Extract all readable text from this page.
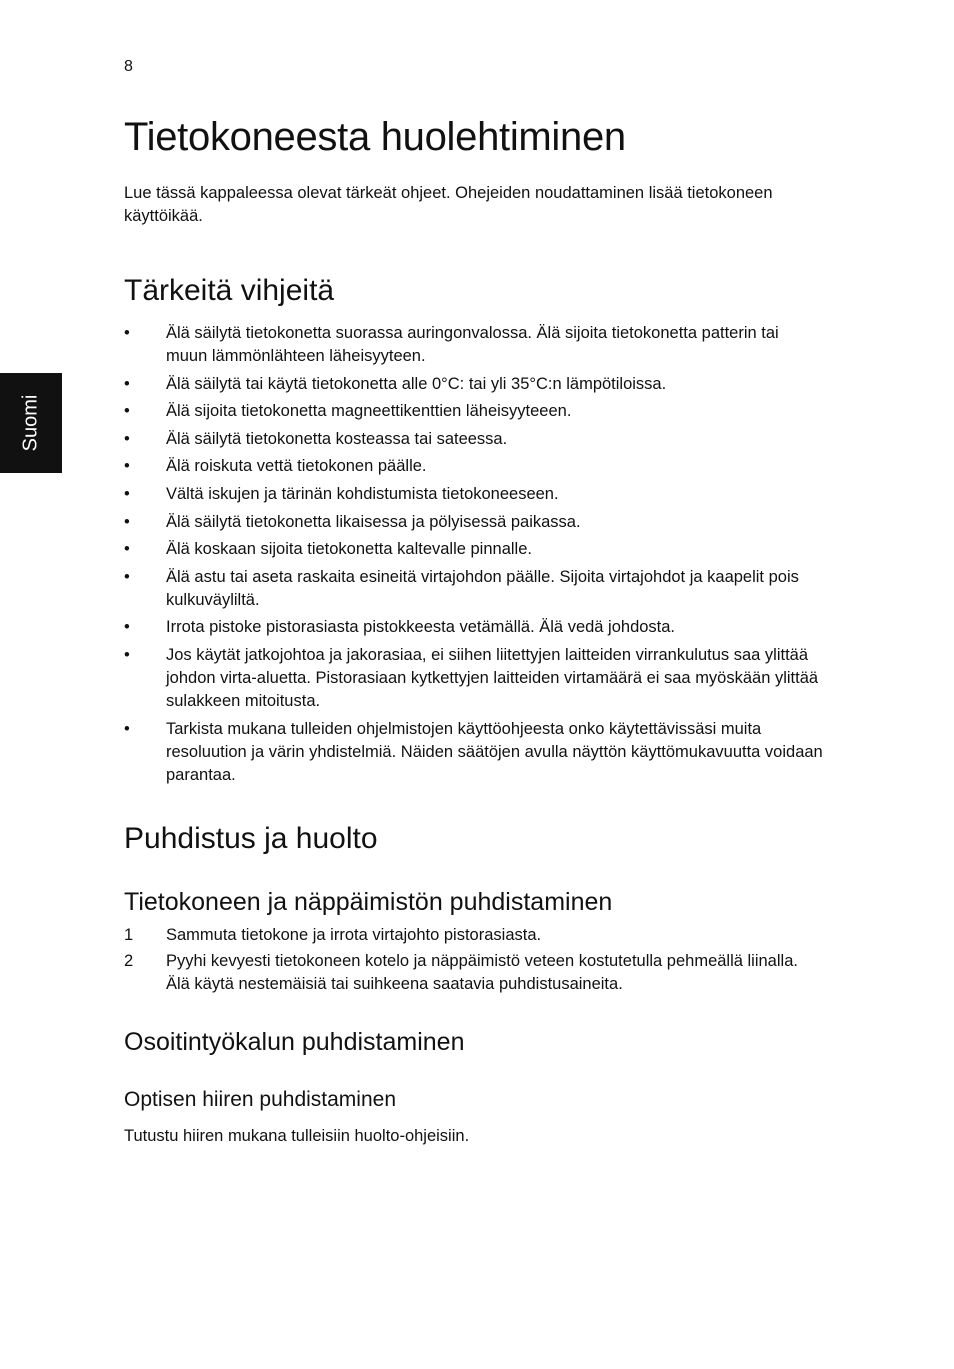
8
Suomi
Tietokoneesta huolehtiminen

Lue tässä kappaleessa olevat tärkeät ohjeet. Ohejeiden noudattaminen lisää tietokoneen käyttöikää.

Tärkeitä vihjeitä
• Älä säilytä tietokonetta suorassa auringonvalossa. Älä sijoita tietokonetta patterin tai muun lämmönlähteen läheisyyteen.
• Älä säilytä tai käytä tietokonetta alle 0°C: tai yli 35°C:n lämpötiloissa.
• Älä sijoita tietokonetta magneettikenttien läheisyyteeen.
• Älä säilytä tietokonetta kosteassa tai sateessa.
• Älä roiskuta vettä tietokonen päälle.
• Vältä iskujen ja tärinän kohdistumista tietokoneeseen.
• Älä säilytä tietokonetta likaisessa ja pölyisessä paikassa.
• Älä koskaan sijoita tietokonetta kaltevalle pinnalle.
• Älä astu tai aseta raskaita esineitä virtajohdon päälle. Sijoita virtajohdot ja kaapelit pois kulkuväyliltä.
• Irrota pistoke pistorasiasta pistokkeesta vetämällä. Älä vedä johdosta.
• Jos käytät jatkojohtoa ja jakorasiaa, ei siihen liitettyjen laitteiden virrankulutus saa ylittää johdon virta-aluetta. Pistorasiaan kytkettyjen laitteiden virtamäärä ei saa myöskään ylittää sulakkeen mitoitusta.
• Tarkista mukana tulleiden ohjelmistojen käyttöohjeesta onko käytettävissäsi muita resoluution ja värin yhdistelmiä. Näiden säätöjen avulla näyttön käyttömukavuutta voidaan parantaa.
Puhdistus ja huolto
Tietokoneen ja näppäimistön puhdistaminen
1 Sammuta tietokone ja irrota virtajohto pistorasiasta.
2 Pyyhi kevyesti tietokoneen kotelo ja näppäimistö veteen kostutetulla pehmeällä liinalla. Älä käytä nestemäisiä tai suihkeena saatavia puhdistusaineita.
Osoitintyökalun puhdistaminen
Optisen hiiren puhdistaminen

Tutustu hiiren mukana tulleisiin huolto-ohjeisiin.
